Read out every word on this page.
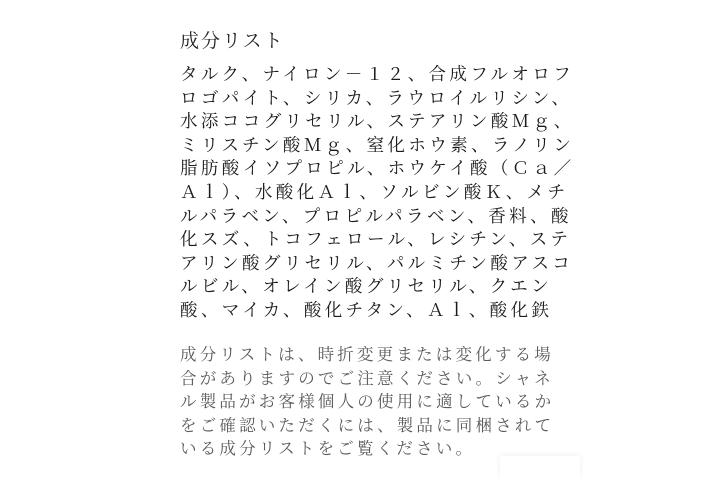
成分リスト
タルク、ナイロン－１２、合成フルオロフ
ロゴパイト、シリカ、ラウロイルリシン、
水添ココグリセリル、ステアリン酸Ｍｇ、
ミリスチン酸Ｍｇ、窒化ホウ素、ラノリン
脂肪酸イソプロピル、ホウケイ酸（Ｃａ／
Ａｌ）、水酸化Ａｌ、ソルビン酸Ｋ、メチ
ルパラベン、プロピルパラベン、香料、酸
化スズ、トコフェロール、レシチン、ステ
アリン酸グリセリル、パルミチン酸アスコ
ルビル、オレイン酸グリセリル、クエン
酸、マイカ、酸化チタン、Ａｌ、酸化鉄
成分リストは、時折変更または変化する場
合がありますのでご注意ください。シャネ
ル製品がお客様個人の使用に適しているか
をご確認いただくには、製品に同梱されて
いる成分リストをご覧ください。
